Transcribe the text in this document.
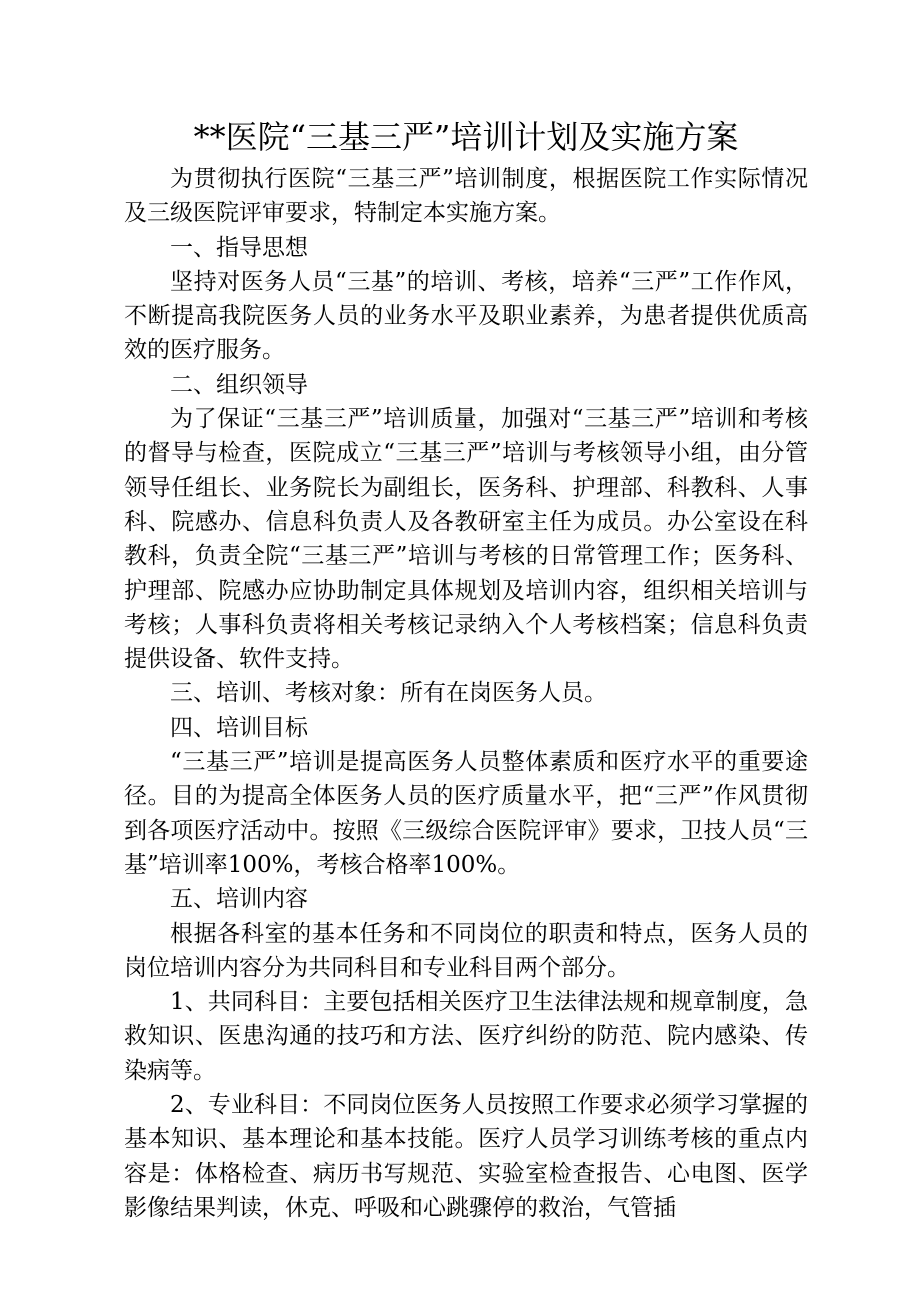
**医院“三基三严”培训计划及实施方案

为贯彻执行医院“三基三严”培训制度，根据医院工作实际情况及三级医院评审要求，特制定本实施方案。

一、指导思想

坚持对医务人员“三基”的培训、考核，培养“三严”工作作风，不断提高我院医务人员的业务水平及职业素养，为患者提供优质高效的医疗服务。

二、组织领导

为了保证“三基三严”培训质量，加强对“三基三严”培训和考核的督导与检查，医院成立“三基三严”培训与考核领导小组，由分管领导任组长、业务院长为副组长，医务科、护理部、科教科、人事科、院感办、信息科负责人及各教研室主任为成员。办公室设在科教科，负责全院“三基三严”培训与考核的日常管理工作；医务科、护理部、院感办应协助制定具体规划及培训内容，组织相关培训与考核；人事科负责将相关考核记录纳入个人考核档案；信息科负责提供设备、软件支持。

三、培训、考核对象：所有在岗医务人员。

四、培训目标

“三基三严”培训是提高医务人员整体素质和医疗水平的重要途径。目的为提高全体医务人员的医疗质量水平，把“三严”作风贯彻到各项医疗活动中。按照《三级综合医院评审》要求，卫技人员“三基”培训率100%，考核合格率100%。

五、培训内容

根据各科室的基本任务和不同岗位的职责和特点，医务人员的岗位培训内容分为共同科目和专业科目两个部分。

1、共同科目：主要包括相关医疗卫生法律法规和规章制度，急救知识、医患沟通的技巧和方法、医疗纠纷的防范、院内感染、传染病等。

2、专业科目：不同岗位医务人员按照工作要求必须学习掌握的基本知识、基本理论和基本技能。医疗人员学习训练考核的重点内容是：体格检查、病历书写规范、实验室检查报告、心电图、医学影像结果判读，休克、呼吸和心跳骤停的救治，气管插
